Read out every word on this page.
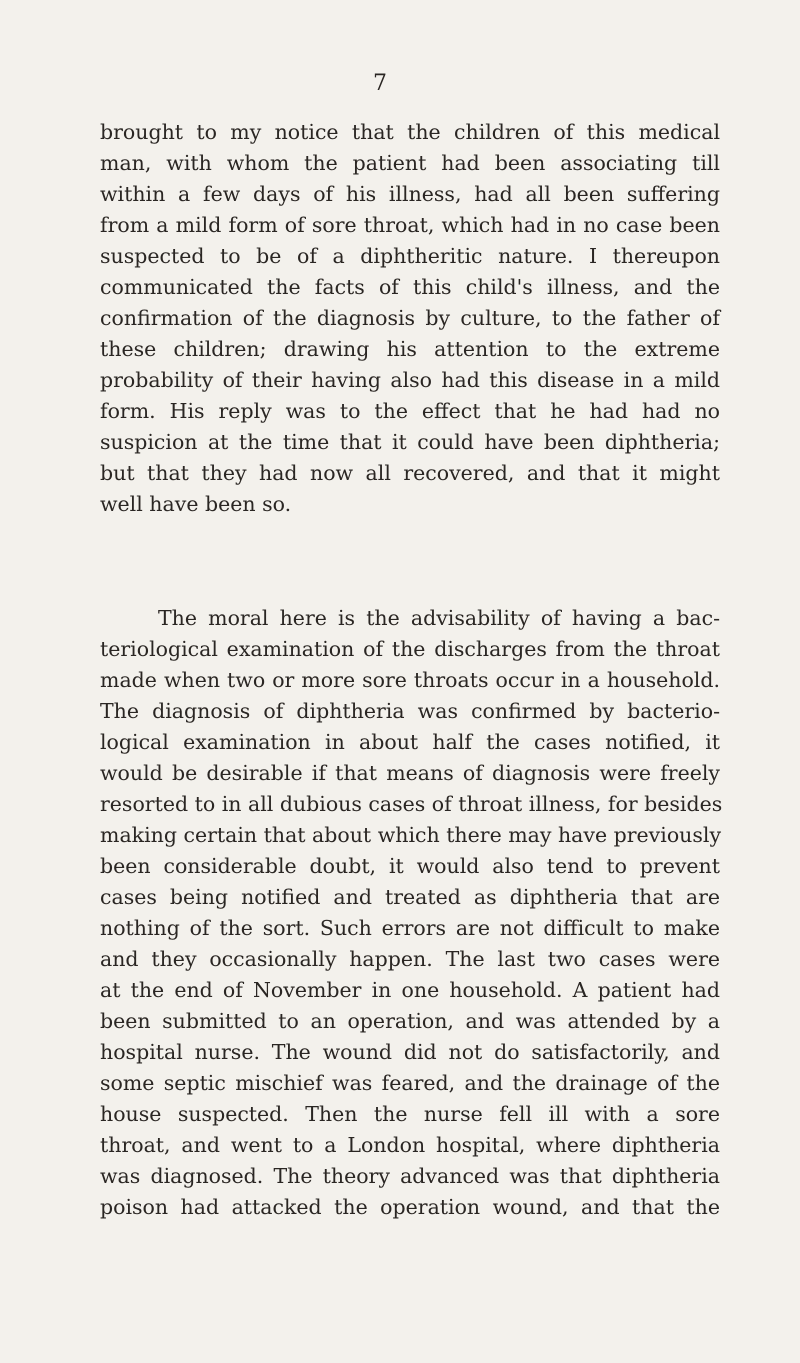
7
brought to my notice that the children of this medical
man, with whom the patient had been associating till
within a few days of his illness, had all been suffering
from a mild form of sore throat, which had in no case been
suspected to be of a diphtheritic nature. I thereupon
communicated the facts of this child's illness, and the
confirmation of the diagnosis by culture, to the father of
these children; drawing his attention to the extreme
probability of their having also had this disease in a mild
form. His reply was to the effect that he had had no
suspicion at the time that it could have been diphtheria;
but that they had now all recovered, and that it might
well have been so.
The moral here is the advisability of having a bac-
teriological examination of the discharges from the throat
made when two or more sore throats occur in a household.
The diagnosis of diphtheria was confirmed by bacterio-
logical examination in about half the cases notified, it
would be desirable if that means of diagnosis were freely
resorted to in all dubious cases of throat illness, for besides
making certain that about which there may have previously
been considerable doubt, it would also tend to prevent
cases being notified and treated as diphtheria that are
nothing of the sort. Such errors are not difficult to make
and they occasionally happen. The last two cases were
at the end of November in one household. A patient had
been submitted to an operation, and was attended by a
hospital nurse. The wound did not do satisfactorily, and
some septic mischief was feared, and the drainage of the
house suspected. Then the nurse fell ill with a sore
throat, and went to a London hospital, where diphtheria
was diagnosed. The theory advanced was that diphtheria
poison had attacked the operation wound, and that the
